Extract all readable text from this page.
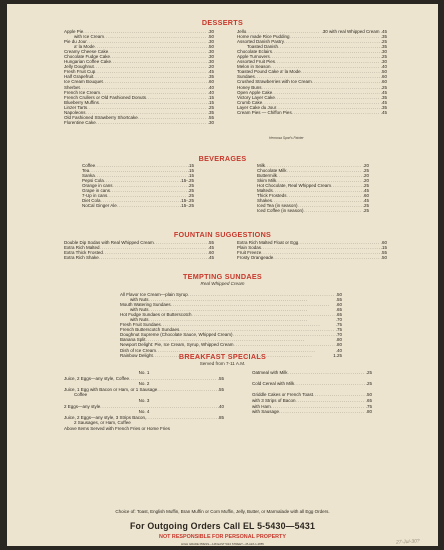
DESSERTS
Apple Pie . . .	.30
with Ice Cream . . .	.50
Pie du Jour . . .	.30
a' la Mode . . .	.50
Creamy Cheese Cake . . .	.30
Chocolate Fudge Cake . . .	.30
Hungarian Coffee Cake . . .	.30
Jelly Doughnut . . .	.20
Fresh Fruit Cup . . .	.45
Half Grapefruit . . .	.35
Ice Cream Bouquet . . .	.60
Sherbet . . .	.40
French Ice Cream . . .	.40
French Crullers or Old Fashioned Donuts . . .	.15
Blueberry Muffins . . .	.15
Linzer Tarts . . .	.25
Napoleons . . .	.35
Old Fashioned Strawberry Shortcake . . .	.55
Florentine Cake . . .	.30
Jello . . .	.30 with real Whipped Cream .45
Home made Rice Pudding . . .	.35
Assorted Danish Pastry . . .	.25
Toasted Danish . . .	.35
Chocolate Eclairs . . .	.30
Apple Turnovers . . .	.25
Assorted Fruit Pies . . .	.30
Melon in Season . . .	.40
Toasted Pound Cake a' la Mode . . .	.50
Sundaes . . .	.60
Crushed Strawberries with Ice Cream . . .	.60
Honey Buns . . .	.25
Open Apple Cake . . .	.45
Victory Layer Cake . . .	.35
Crumb Cake . . .	.45
Layer Cake du Jour . . .	.35
Cream Pies — Chiffon Pies . . .	.45
Hermosa Sport's Painter
BEVERAGES
Coffee . . .	.15
Tea . . .	.15
Sanka . . .	.15
Pepsi Cola . . .	.15-.25
Orange in cans . . .	.25
Grape in cans . . .	.25
7-Up in cans . . .	.25
Diet Cola . . .	.15-.25
NoCal Ginger Ale . . .	.15-.25
Milk . . .	.20
Chocolate Milk . . .	.25
Buttermilk . . .	.20
Skim Milk . . .	.20
Hot Chocolate, Real Whipped Cream . . .	.25
Malteds . . .	.45
Thick Frosteds . . .	.60
Shakes . . .	.45
Iced Tea (in season) . . .	.25
Iced Coffee (in season) . . .	.25
FOUNTAIN SUGGESTIONS
Double Dip Sodas with Real Whipped Cream . . .	.55
Extra Rich Malted . . .	.45
Extra Thick Frosted . . .	.60
Extra Rich Shake . . .	.45
Extra Rich Malted Float or Egg . . .	.60
Plain Sodas . . .	.15
Fruit Freeze . . .	.55
Frosty Orangeade . . .	.50
TEMPTING SUNDAES
Real Whipped Cream
All Flavor Ice Cream—plain Syrup . . .	.50
with Nuts . . .	.55
Mouth Watering Sundaes . . .	.60
with Nuts . . .	.65
Hot Fudge Sundaes or Butterscotch . . .	.65
with Nuts . . .	.70
Fresh Fruit Sundaes . . .	.75
French Butterscotch Sundaes . . .	.75
Doughnut Supreme (Chocolate Sauce, Whipped Cream) . . .	.70
Banana Split . . .	.80
Newport Delight: Pie, Ice Cream, Syrup, Whipped Cream . . .	.80
Dish of Ice Cream . . .	.40
Rainbow Delight . . .	1.25
BREAKFAST SPECIALS
Served from 7-11 A.M.
No. 1
Juice, 2 Eggs—any style, Coffee . . .	.55
No. 2
Juice, 1 Egg with Bacon or Ham, or 1 Sausage . . .	.55
Coffee
No. 3
2 Eggs—any style . . .	.40
No. 4
Juice, 2 Eggs—any style, 3 Strips Bacon, . . .	.85
2 Sausages, or Ham, Coffee
Above Items Served with French Fries or Home Fries
Oatmeal with Milk . . .	.25

Cold Cereal with Milk . . .	.25

Griddle Cakes or French Toast . . .	.50
with 3 Strips of Bacon . . .	.65
with Ham . . .	.75
with Sausage . . .	.80
Choice of: Toast, English Muffin, Bran Muffin or Corn Muffin, Jelly, Butter, or Marmalade with all Egg Orders.
For Outgoing Orders Call EL 5-5430—5431
NOT RESPONSIBLE FOR PERSONAL PROPERTY
HIGH GRADE PRESS—148 EAST 53rd STREET—PLAZA 1-2855	27-Jul-30?
